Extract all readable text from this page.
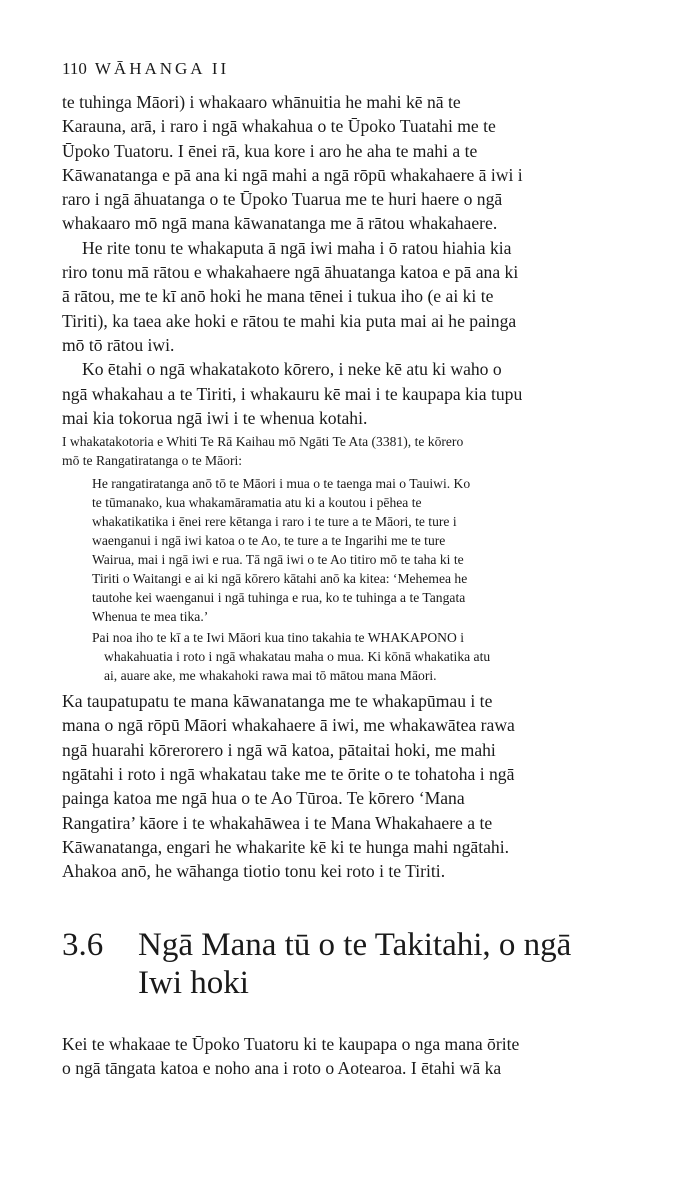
110 WĀHANGA II

te tuhinga Māori) i whakaaro whānuitia he mahi kē nā te
Karauna, arā, i raro i ngā whakahua o te Ūpoko Tuatahi me te
Ūpoko Tuatoru. I ēnei rā, kua kore i aro he aha te mahi a te
Kāwanatanga e pā ana ki ngā mahi a ngā rōpū whakahaere ā iwi i
raro i ngā āhuatanga o te Ūpoko Tuarua me te huri haere o ngā
whakaaro mō ngā mana kāwanatanga me ā rātou whakahaere.

He rite tonu te whakaputa ā ngā iwi maha i ō ratou hiahia kia
riro tonu mā rātou e whakahaere ngā āhuatanga katoa e pā ana ki
ā rātou, me te kī anō hoki he mana tēnei i tukua iho (e ai ki te
Tiriti), ka taea ake hoki e rātou te mahi kia puta mai ai he painga
mō tō rātou iwi.

Ko ētahi o ngā whakatakoto kōrero, i neke kē atu ki waho o
ngā whakahau a te Tiriti, i whakauru kē mai i te kaupapa kia tupu
mai kia tokorua ngā iwi i te whenua kotahi.

I whakatakotoria e Whiti Te Rā Kaihau mō Ngāti Te Ata (3381), te kōrero
mō te Rangatiratanga o te Māori:

He rangatiratanga anō tō te Māori i mua o te taenga mai o Tauiwi. Ko
te tūmanako, kua whakamāramatia atu ki a koutou i pēhea te
whakatikatika i ēnei rere kētanga i raro i te ture a te Māori, te ture i
waenganui i ngā iwi katoa o te Ao, te ture a te Ingarihi me te ture
Wairua, mai i ngā iwi e rua. Tā ngā iwi o te Ao titiro mō te taha ki te
Tiriti o Waitangi e ai ki ngā kōrero kātahi anō ka kitea: ‘Mehemea he
tautohe kei waenganui i ngā tuhinga e rua, ko te tuhinga a te Tangata
Whenua te mea tika.’

Pai noa iho te kī a te Iwi Māori kua tino takahia te WHAKAPONO i
whakahuatia i roto i ngā whakatau maha o mua. Ki kōnā whakatika atu
ai, auare ake, me whakahoki rawa mai tō mātou mana Māori.

Ka taupatupatu te mana kāwanatanga me te whakapūmau i te
mana o ngā rōpū Māori whakahaere ā iwi, me whakawātea rawa
ngā huarahi kōrerorero i ngā wā katoa, pātaitai hoki, me mahi
ngātahi i roto i ngā whakatau take me te ōrite o te tohatoha i ngā
painga katoa me ngā hua o te Ao Tūroa. Te kōrero ‘Mana
Rangatira’ kāore i te whakahāwea i te Mana Whakahaere a te
Kāwanatanga, engari he whakarite kē ki te hunga mahi ngātahi.
Ahakoa anō, he wāhanga tiotio tonu kei roto i te Tiriti.

3.6	Ngā Mana tū o te Takitahi, o ngā
Iwi hoki

Kei te whakaae te Ūpoko Tuatoru ki te kaupapa o nga mana ōrite
o ngā tāngata katoa e noho ana i roto o Aotearoa. I ētahi wā ka
